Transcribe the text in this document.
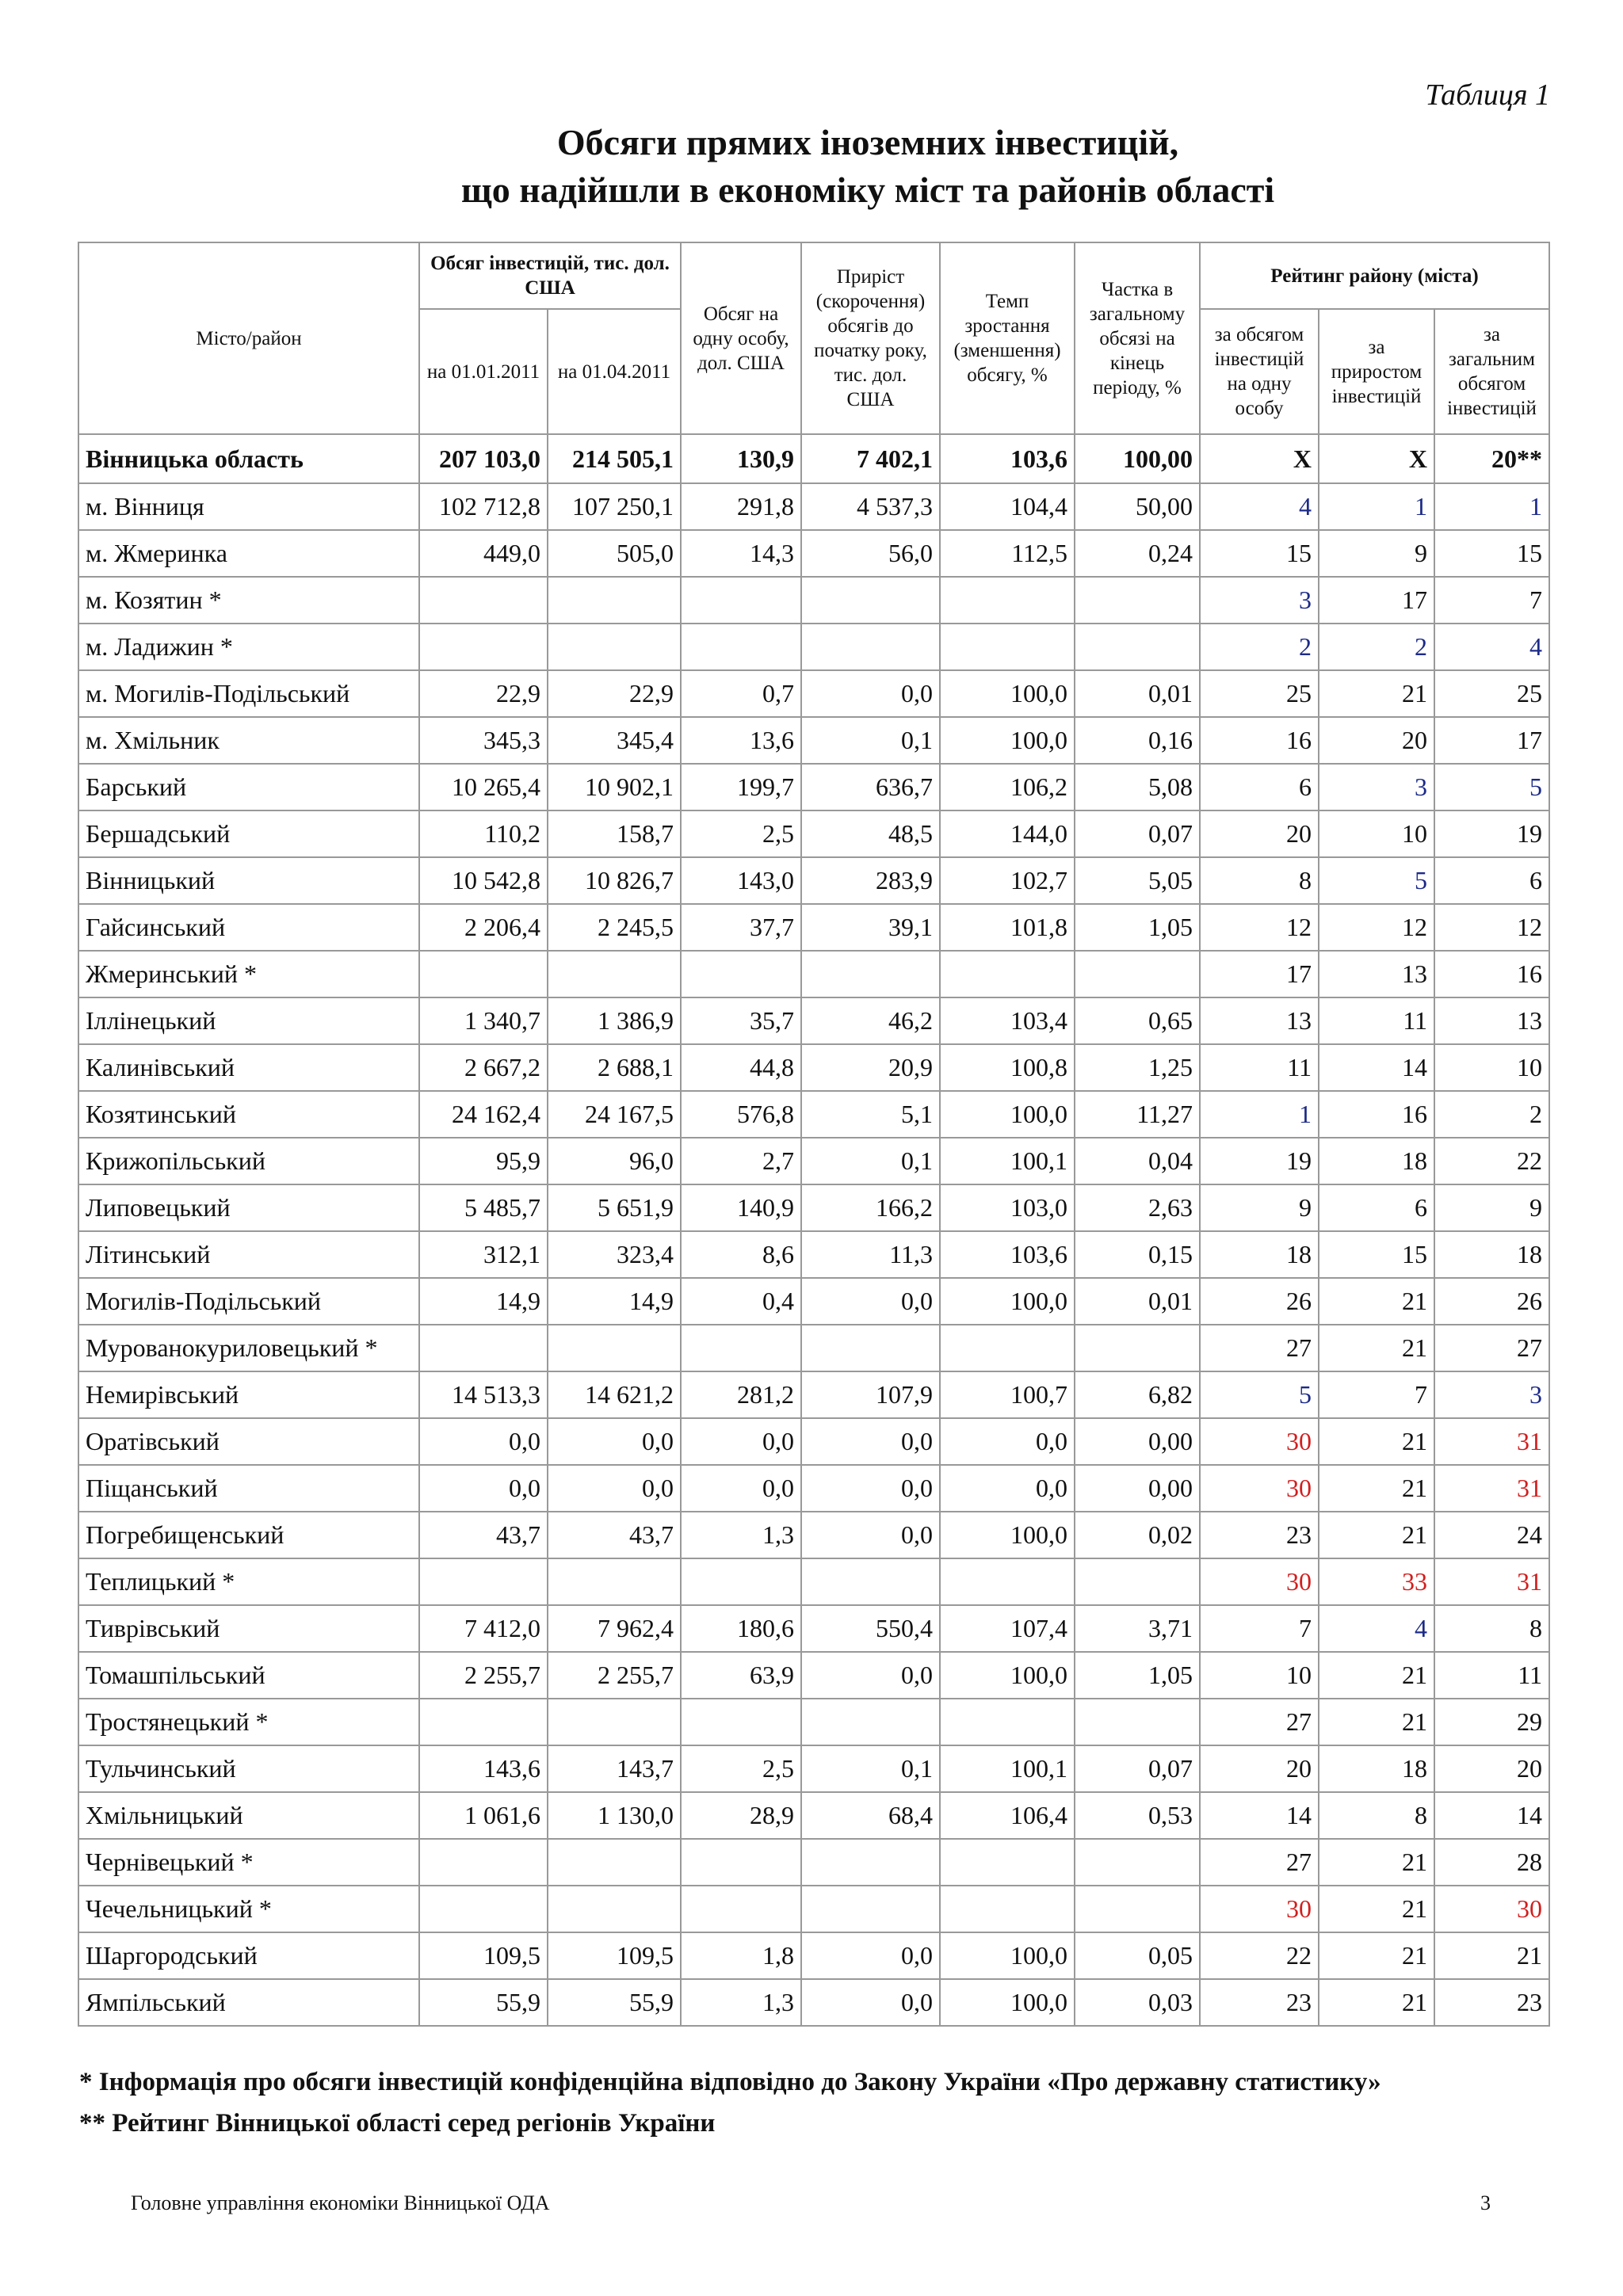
Таблиця 1
Обсяги прямих іноземних інвестицій,
що надійшли в економіку міст та районів області
Місто/район	Обсяг інвестицій, тис. дол. США		Обсяг на одну особу, дол. США	Приріст (скорочення) обсягів до початку року, тис. дол. США	Темп зростання (зменшення) обсягу, %	Частка в загальному обсязі на кінець періоду, %	Рейтинг району (міста)		
	на 01.01.2011	на 01.04.2011					за обсягом інвестицій на одну особу	за приростом інвестицій	за загальним обсягом інвестицій
Вінницька область	207 103,0	214 505,1	130,9	7 402,1	103,6	100,00	Х	Х	20**
м. Вінниця	102 712,8	107 250,1	291,8	4 537,3	104,4	50,00	4	1	1
м. Жмеринка	449,0	505,0	14,3	56,0	112,5	0,24	15	9	15
м. Козятин *							3	17	7
м. Ладижин *							2	2	4
м. Могилів-Подільський	22,9	22,9	0,7	0,0	100,0	0,01	25	21	25
м. Хмільник	345,3	345,4	13,6	0,1	100,0	0,16	16	20	17
Барський	10 265,4	10 902,1	199,7	636,7	106,2	5,08	6	3	5
Бершадський	110,2	158,7	2,5	48,5	144,0	0,07	20	10	19
Вінницький	10 542,8	10 826,7	143,0	283,9	102,7	5,05	8	5	6
Гайсинський	2 206,4	2 245,5	37,7	39,1	101,8	1,05	12	12	12
Жмеринський *							17	13	16
Іллінецький	1 340,7	1 386,9	35,7	46,2	103,4	0,65	13	11	13
Калинівський	2 667,2	2 688,1	44,8	20,9	100,8	1,25	11	14	10
Козятинський	24 162,4	24 167,5	576,8	5,1	100,0	11,27	1	16	2
Крижопільський	95,9	96,0	2,7	0,1	100,1	0,04	19	18	22
Липовецький	5 485,7	5 651,9	140,9	166,2	103,0	2,63	9	6	9
Літинський	312,1	323,4	8,6	11,3	103,6	0,15	18	15	18
Могилів-Подільський	14,9	14,9	0,4	0,0	100,0	0,01	26	21	26
Мурованокуриловецький *							27	21	27
Немирівський	14 513,3	14 621,2	281,2	107,9	100,7	6,82	5	7	3
Оратівський	0,0	0,0	0,0	0,0	0,0	0,00	30	21	31
Піщанський	0,0	0,0	0,0	0,0	0,0	0,00	30	21	31
Погребищенський	43,7	43,7	1,3	0,0	100,0	0,02	23	21	24
Теплицький *							30	33	31
Тиврівський	7 412,0	7 962,4	180,6	550,4	107,4	3,71	7	4	8
Томашпільський	2 255,7	2 255,7	63,9	0,0	100,0	1,05	10	21	11
Тростянецький *							27	21	29
Тульчинський	143,6	143,7	2,5	0,1	100,1	0,07	20	18	20
Хмільницький	1 061,6	1 130,0	28,9	68,4	106,4	0,53	14	8	14
Чернівецький *							27	21	28
Чечельницький *							30	21	30
Шаргородський	109,5	109,5	1,8	0,0	100,0	0,05	22	21	21
Ямпільський	55,9	55,9	1,3	0,0	100,0	0,03	23	21	23
* Інформація про обсяги інвестицій конфіденційна відповідно до Закону України «Про державну статистику»
** Рейтинг Вінницької області серед регіонів України
Головне управління економіки Вінницької ОДА	3
